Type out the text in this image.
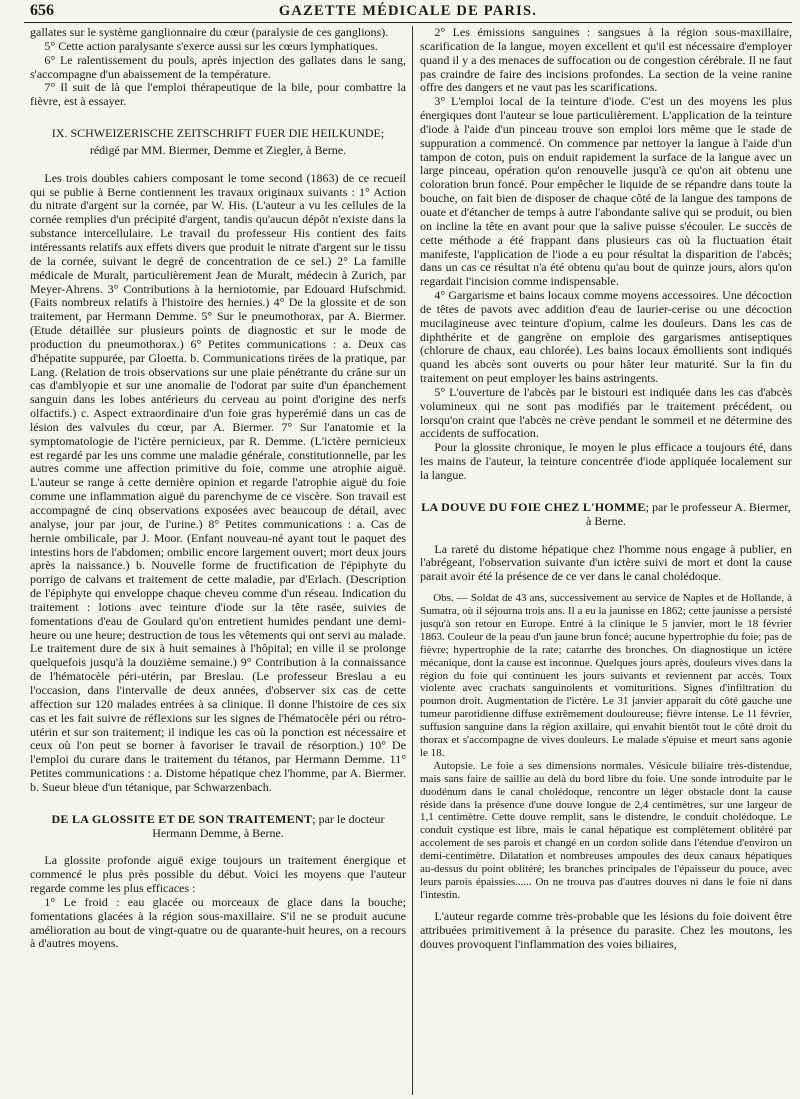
656	GAZETTE MÉDICALE DE PARIS.

gallates sur le système ganglionnaire du cœur (paralysie de ces ganglions).

5° Cette action paralysante s'exerce aussi sur les cœurs lymphatiques.

6° Le ralentissement du pouls, après injection des gallates dans le sang, s'accompagne d'un abaissement de la température.

7° Il suit de là que l'emploi thérapeutique de la bile, pour combattre la fièvre, est à essayer.

IX. SCHWEIZERISCHE ZEITSCHRIFT FUER DIE HEILKUNDE;
rédigé par MM. Biermer, Demme et Ziegler, à Berne.

Les trois doubles cahiers composant le tome second (1863) de ce recueil qui se publie à Berne contiennent les travaux originaux suivants : 1° Action du nitrate d'argent sur la cornée, par W. His. (L'auteur a vu les cellules de la cornée remplies d'un précipité d'argent, tandis qu'aucun dépôt n'existe dans la substance intercellulaire. Le travail du professeur His contient des faits intéressants relatifs aux effets divers que produit le nitrate d'argent sur le tissu de la cornée, suivant le degré de concentration de ce sel.) 2° La famille médicale de Muralt, particulièrement Jean de Muralt, médecin à Zurich, par Meyer-Ahrens. 3° Contributions à la herniotomie, par Edouard Hufschmid. (Faits nombreux relatifs à l'histoire des hernies.) 4° De la glossite et de son traitement, par Hermann Demme. 5° Sur le pneumothorax, par A. Biermer. (Etude détaillée sur plusieurs points de diagnostic et sur le mode de production du pneumothorax.) 6° Petites communications : a. Deux cas d'hépatite suppurée, par Gloetta. b. Communications tirées de la pratique, par Lang. (Relation de trois observations sur une plaie pénétrante du crâne sur un cas d'amblyopie et sur une anomalie de l'odorat par suite d'un épanchement sanguin dans les lobes antérieurs du cerveau au point d'origine des nerfs olfactifs.) c. Aspect extraordinaire d'un foie gras hyperémié dans un cas de lésion des valvules du cœur, par A. Biermer. 7° Sur l'anatomie et la symptomatologie de l'ictère pernicieux, par R. Demme. (L'ictère pernicieux est regardé par les uns comme une maladie générale, constitutionnelle, par les autres comme une affection primitive du foie, comme une atrophie aiguë. L'auteur se range à cette dernière opinion et regarde l'atrophie aiguë du foie comme une inflammation aiguë du parenchyme de ce viscère. Son travail est accompagné de cinq observations exposées avec beaucoup de détail, avec analyse, jour par jour, de l'urine.) 8° Petites communications : a. Cas de hernie ombilicale, par J. Moor. (Enfant nouveau-né ayant tout le paquet des intestins hors de l'abdomen; ombilic encore largement ouvert; mort deux jours après la naissance.) b. Nouvelle forme de fructification de l'épiphyte du porrigo de calvans et traitement de cette maladie, par d'Erlach. (Description de l'épiphyte qui enveloppe chaque cheveu comme d'un réseau. Indication du traitement : lotions avec teinture d'iode sur la tête rasée, suivies de fomentations d'eau de Goulard qu'on entretient humides pendant une demi-heure ou une heure; destruction de tous les vêtements qui ont servi au malade. Le traitement dure de six à huit semaines à l'hôpital; en ville il se prolonge quelquefois jusqu'à la douzième semaine.) 9° Contribution à la connaissance de l'hématocèle péri-utérin, par Breslau. (Le professeur Breslau a eu l'occasion, dans l'intervalle de deux années, d'observer six cas de cette affection sur 120 malades entrées à sa clinique. Il donne l'histoire de ces six cas et les fait suivre de réflexions sur les signes de l'hématocèle péri ou rétro-utérin et sur son traitement; il indique les cas où la ponction est nécessaire et ceux où l'on peut se borner à favoriser le travail de résorption.) 10° De l'emploi du curare dans le traitement du tétanos, par Hermann Demme. 11° Petites communications : a. Distome hépatique chez l'homme, par A. Biermer. b. Sueur bleue d'un tétanique, par Schwarzenbach.

DE LA GLOSSITE ET DE SON TRAITEMENT; par le docteur Hermann Demme, à Berne.

La glossite profonde aiguë exige toujours un traitement énergique et commencé le plus près possible du début. Voici les moyens que l'auteur regarde comme les plus efficaces :

1° Le froid : eau glacée ou morceaux de glace dans la bouche; fomentations glacées à la région sous-maxillaire. S'il ne se produit aucune amélioration au bout de vingt-quatre ou de quarante-huit heures, on a recours à d'autres moyens.

2° Les émissions sanguines : sangsues à la région sous-maxillaire, scarification de la langue, moyen excellent et qu'il est nécessaire d'employer quand il y a des menaces de suffocation ou de congestion cérébrale. Il ne faut pas craindre de faire des incisions profondes. La section de la veine ranine offre des dangers et ne vaut pas les scarifications.

3° L'emploi local de la teinture d'iode. C'est un des moyens les plus énergiques dont l'auteur se loue particulièrement. L'application de la teinture d'iode à l'aide d'un pinceau trouve son emploi lors même que le stade de suppuration a commencé. On commence par nettoyer la langue à l'aide d'un tampon de coton, puis on enduit rapidement la surface de la langue avec un large pinceau, opération qu'on renouvelle jusqu'à ce qu'on ait obtenu une coloration brun foncé. Pour empêcher le liquide de se répandre dans toute la bouche, on fait bien de disposer de chaque côté de la langue des tampons de ouate et d'étancher de temps à autre l'abondante salive qui se produit, ou bien on incline la tête en avant pour que la salive puisse s'écouler. Le succès de cette méthode a été frappant dans plusieurs cas où la fluctuation était manifeste, l'application de l'iode a eu pour résultat la disparition de l'abcès; dans un cas ce résultat n'a été obtenu qu'au bout de quinze jours, alors qu'on regardait l'incision comme indispensable.

4° Gargarisme et bains locaux comme moyens accessoires. Une décoction de têtes de pavots avec addition d'eau de laurier-cerise ou une décoction mucilagineuse avec teinture d'opium, calme les douleurs. Dans les cas de diphthérite et de gangrène on emploie des gargarismes antiseptiques (chlorure de chaux, eau chlorée). Les bains locaux émollients sont indiqués quand les abcès sont ouverts ou pour hâter leur maturité. Sur la fin du traitement on peut employer les bains astringents.

5° L'ouverture de l'abcès par le bistouri est indiquée dans les cas d'abcès volumineux qui ne sont pas modifiés par le traitement précédent, ou lorsqu'on craint que l'abcès ne crève pendant le sommeil et ne détermine des accidents de suffocation.

Pour la glossite chronique, le moyen le plus efficace a toujours été, dans les mains de l'auteur, la teinture concentrée d'iode appliquée localement sur la langue.

LA DOUVE DU FOIE CHEZ L'HOMME; par le professeur A. Biermer, à Berne.

La rareté du distome hépatique chez l'homme nous engage à publier, en l'abrégeant, l'observation suivante d'un ictère suivi de mort et dont la cause parait avoir été la présence de ce ver dans le canal cholédoque.

Obs. — Soldat de 43 ans, successivement au service de Naples et de Hollande, à Sumatra, où il séjourna trois ans. Il a eu la jaunisse en 1862; cette jaunisse a persisté jusqu'à son retour en Europe. Entré à la clinique le 5 janvier, mort le 18 février 1863. Couleur de la peau d'un jaune brun foncé; aucune hypertrophie du foie; pas de fièvre; hypertrophie de la rate; catarrhe des bronches. On diagnostique un ictère mécanique, dont la cause est inconnue. Quelques jours après, douleurs vives dans la région du foie qui continuent les jours suivants et reviennent par accès. Toux violente avec crachats sanguinolents et vomituritions. Signes d'infiltration du poumon droit. Augmentation de l'ictère. Le 31 janvier apparait du côté gauche une tumeur parotidienne diffuse extrêmement douloureuse; fièvre intense. Le 11 février, suffusion sanguine dans la région axillaire, qui envahit bientôt tout le côté droit du thorax et s'accompagne de vives douleurs. Le malade s'épuise et meurt sans agonie le 18.

Autopsie. Le foie a ses dimensions normales. Vésicule biliaire très-distendue, mais sans faire de saillie au delà du bord libre du foie. Une sonde introduite par le duodénum dans le canal cholédoque, rencontre un léger obstacle dont la cause réside dans la présence d'une douve longue de 2,4 centimètres, sur une largeur de 1,1 centimètre. Cette douve remplit, sans le distendre, le conduit cholédoque. Le conduit cystique est libre, mais le canal hépatique est complètement oblitéré par accolement de ses parois et changé en un cordon solide dans l'étendue d'environ un demi-centimètre. Dilatation et nombreuses ampoules des deux canaux hépatiques au-dessus du point oblitéré; les branches principales de l'épaisseur du pouce, avec leurs parois épaissies...... On ne trouva pas d'autres douves ni dans le foie ni dans l'intestin.

L'auteur regarde comme très-probable que les lésions du foie doivent être attribuées primitivement à la présence du parasite. Chez les moutons, les douves provoquent l'inflammation des voies biliaires,
